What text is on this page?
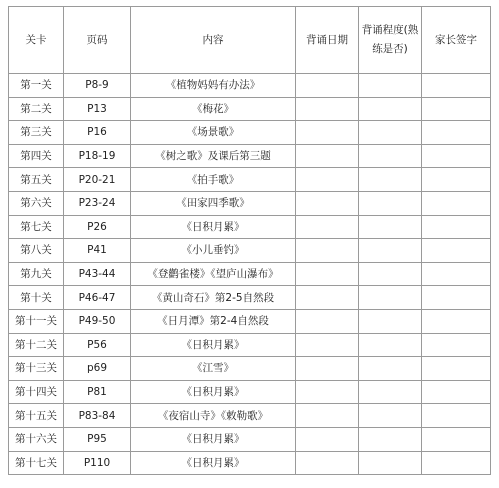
关卡	页码	内容	背诵日期	背诵程度(熟练是否)	家长签字
第一关	P8-9	《植物妈妈有办法》			
第二关	P13	《梅花》			
第三关	P16	《场景歌》			
第四关	P18-19	《树之歌》及课后第三题			
第五关	P20-21	《拍手歌》			
第六关	P23-24	《田家四季歌》			
第七关	P26	《日积月累》			
第八关	P41	《小儿垂钓》			
第九关	P43-44	《登鹳雀楼》《望庐山瀑布》			
第十关	P46-47	《黄山奇石》第2-5自然段			
第十一关	P49-50	《日月潭》第2-4自然段			
第十二关	P56	《日积月累》			
第十三关	p69	《江雪》			
第十四关	P81	《日积月累》			
第十五关	P83-84	《夜宿山寺》《敕勒歌》			
第十六关	P95	《日积月累》			
第十七关	P110	《日积月累》			
